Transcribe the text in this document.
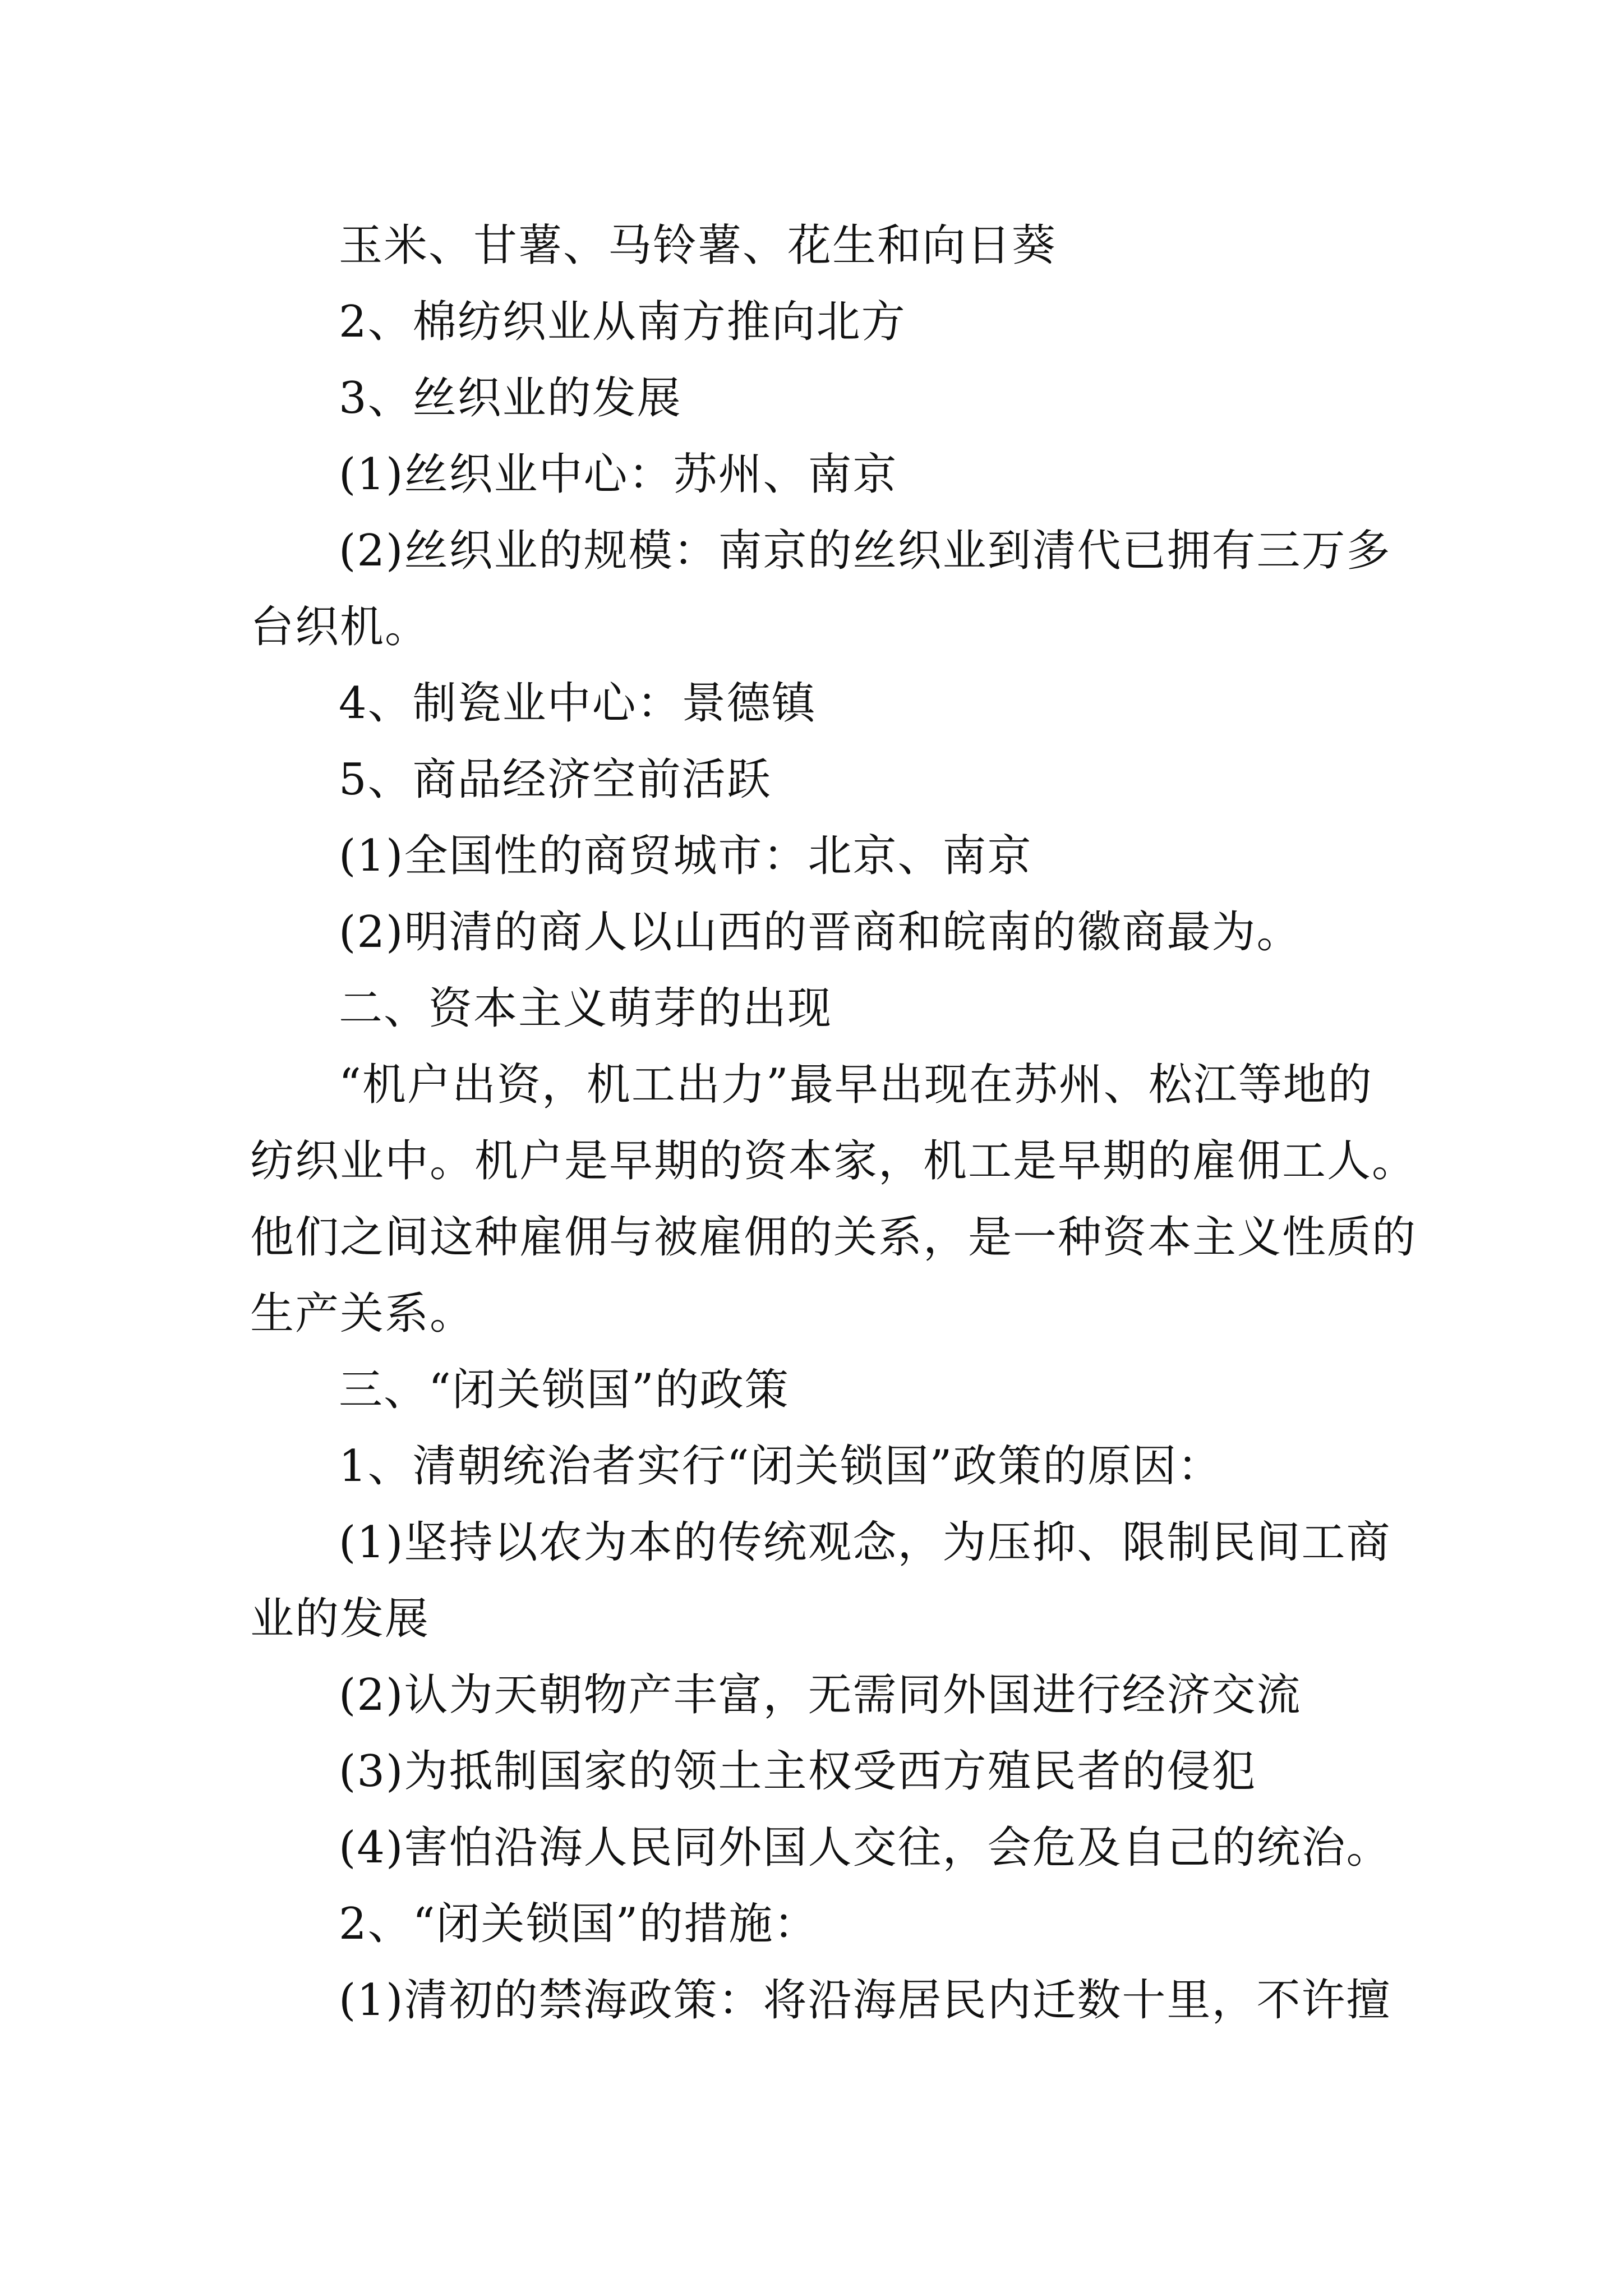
玉米、甘薯、马铃薯、花生和向日葵
2、棉纺织业从南方推向北方
3、丝织业的发展
(1)丝织业中心：苏州、南京
(2)丝织业的规模：南京的丝织业到清代已拥有三万多
台织机。
4、制瓷业中心：景德镇
5、商品经济空前活跃
(1)全国性的商贸城市：北京、南京
(2)明清的商人以山西的晋商和皖南的徽商最为。
二、资本主义萌芽的出现
“机户出资，机工出力”最早出现在苏州、松江等地的
纺织业中。机户是早期的资本家，机工是早期的雇佣工人。
他们之间这种雇佣与被雇佣的关系，是一种资本主义性质的
生产关系。
三、“闭关锁国”的政策
1、清朝统治者实行“闭关锁国”政策的原因：
(1)坚持以农为本的传统观念，为压抑、限制民间工商
业的发展
(2)认为天朝物产丰富，无需同外国进行经济交流
(3)为抵制国家的领土主权受西方殖民者的侵犯
(4)害怕沿海人民同外国人交往，会危及自己的统治。
2、“闭关锁国”的措施：
(1)清初的禁海政策：将沿海居民内迁数十里，不许擅
